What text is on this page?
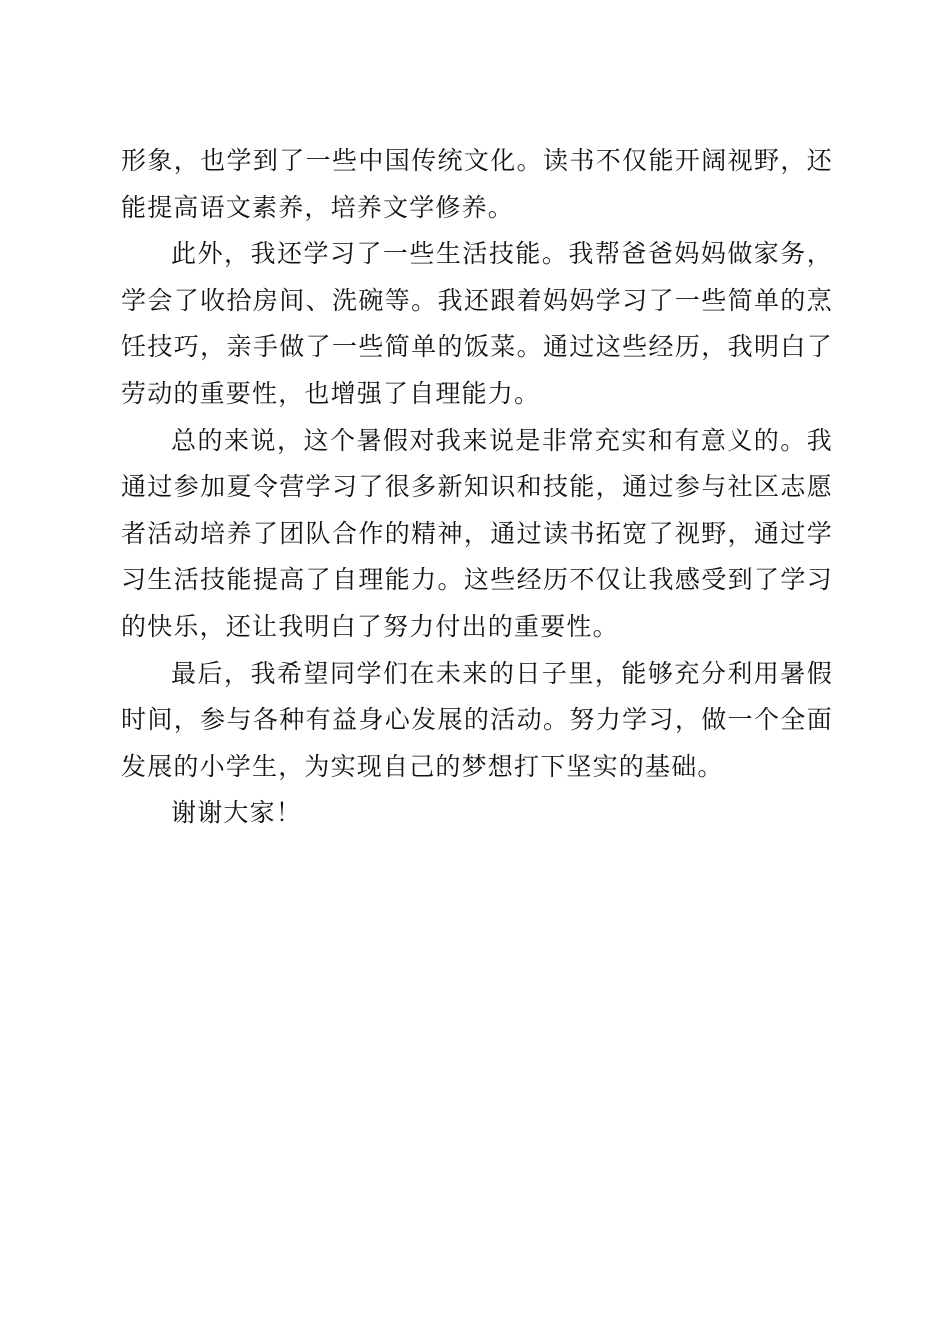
形象，也学到了一些中国传统文化。读书不仅能开阔视野，还能提高语文素养，培养文学修养。

此外，我还学习了一些生活技能。我帮爸爸妈妈做家务，学会了收拾房间、洗碗等。我还跟着妈妈学习了一些简单的烹饪技巧，亲手做了一些简单的饭菜。通过这些经历，我明白了劳动的重要性，也增强了自理能力。

总的来说，这个暑假对我来说是非常充实和有意义的。我通过参加夏令营学习了很多新知识和技能，通过参与社区志愿者活动培养了团队合作的精神，通过读书拓宽了视野，通过学习生活技能提高了自理能力。这些经历不仅让我感受到了学习的快乐，还让我明白了努力付出的重要性。

最后，我希望同学们在未来的日子里，能够充分利用暑假时间，参与各种有益身心发展的活动。努力学习，做一个全面发展的小学生，为实现自己的梦想打下坚实的基础。

谢谢大家！
